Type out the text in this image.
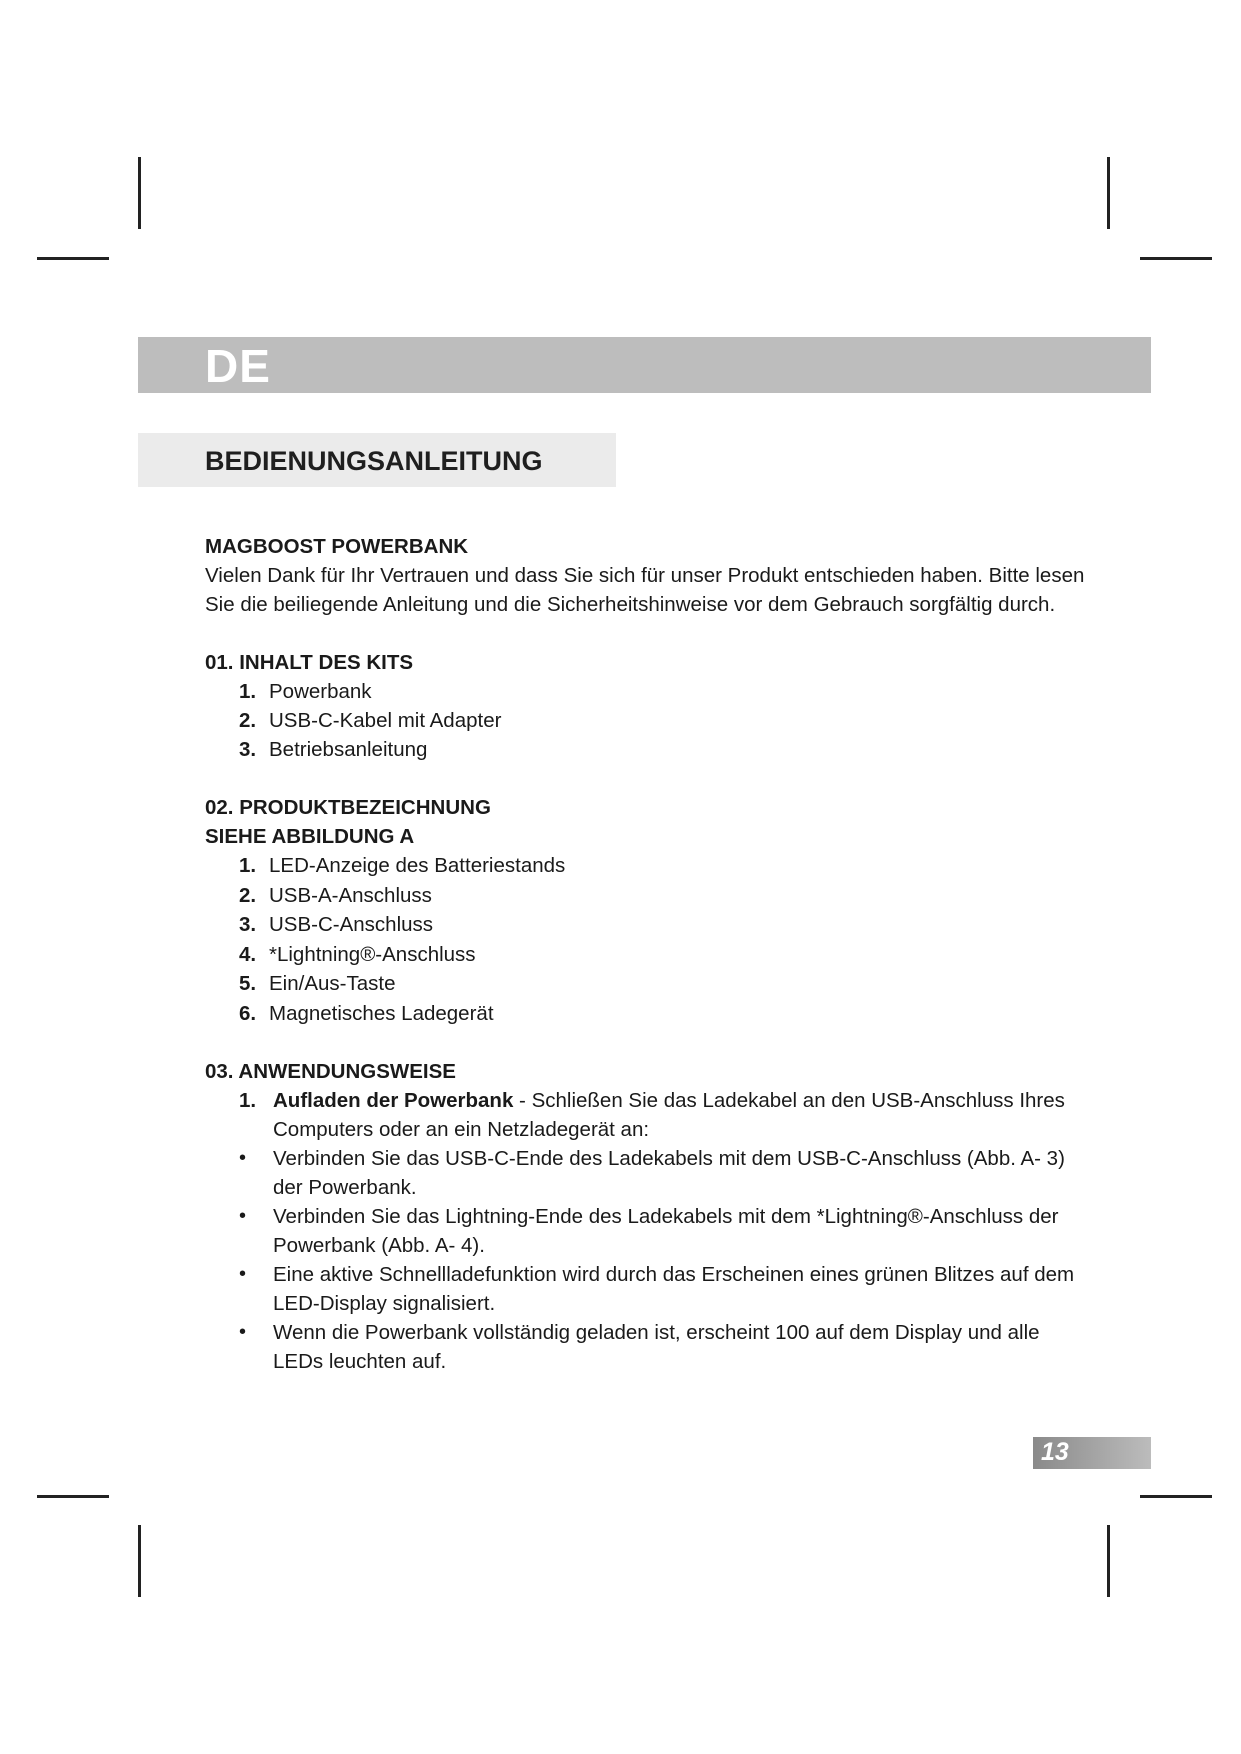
DE
BEDIENUNGSANLEITUNG

MAGBOOST POWERBANK

Vielen Dank für Ihr Vertrauen und dass Sie sich für unser Produkt entschieden haben. Bitte lesen Sie die beiliegende Anleitung und die Sicherheitshinweise vor dem Gebrauch sorgfältig durch.

01. INHALT DES KITS

1. Powerbank
2. USB-C-Kabel mit Adapter
3. Betriebsanleitung

02. PRODUKTBEZEICHNUNG

SIEHE ABBILDUNG A

1. LED-Anzeige des Batteriestands
2. USB-A-Anschluss
3. USB-C-Anschluss
4. *Lightning®-Anschluss
5. Ein/Aus-Taste
6. Magnetisches Ladegerät

03. ANWENDUNGSWEISE

1. Aufladen der Powerbank - Schließen Sie das Ladekabel an den USB-Anschluss Ihres Computers oder an ein Netzladegerät an:
• Verbinden Sie das USB-C-Ende des Ladekabels mit dem USB-C-Anschluss (Abb. A- 3) der Powerbank.
• Verbinden Sie das Lightning-Ende des Ladekabels mit dem *Lightning®-Anschluss der Powerbank (Abb. A- 4).
• Eine aktive Schnellladefunktion wird durch das Erscheinen eines grünen Blitzes auf dem LED-Display signalisiert.
• Wenn die Powerbank vollständig geladen ist, erscheint 100 auf dem Display und alle LEDs leuchten auf.
13
